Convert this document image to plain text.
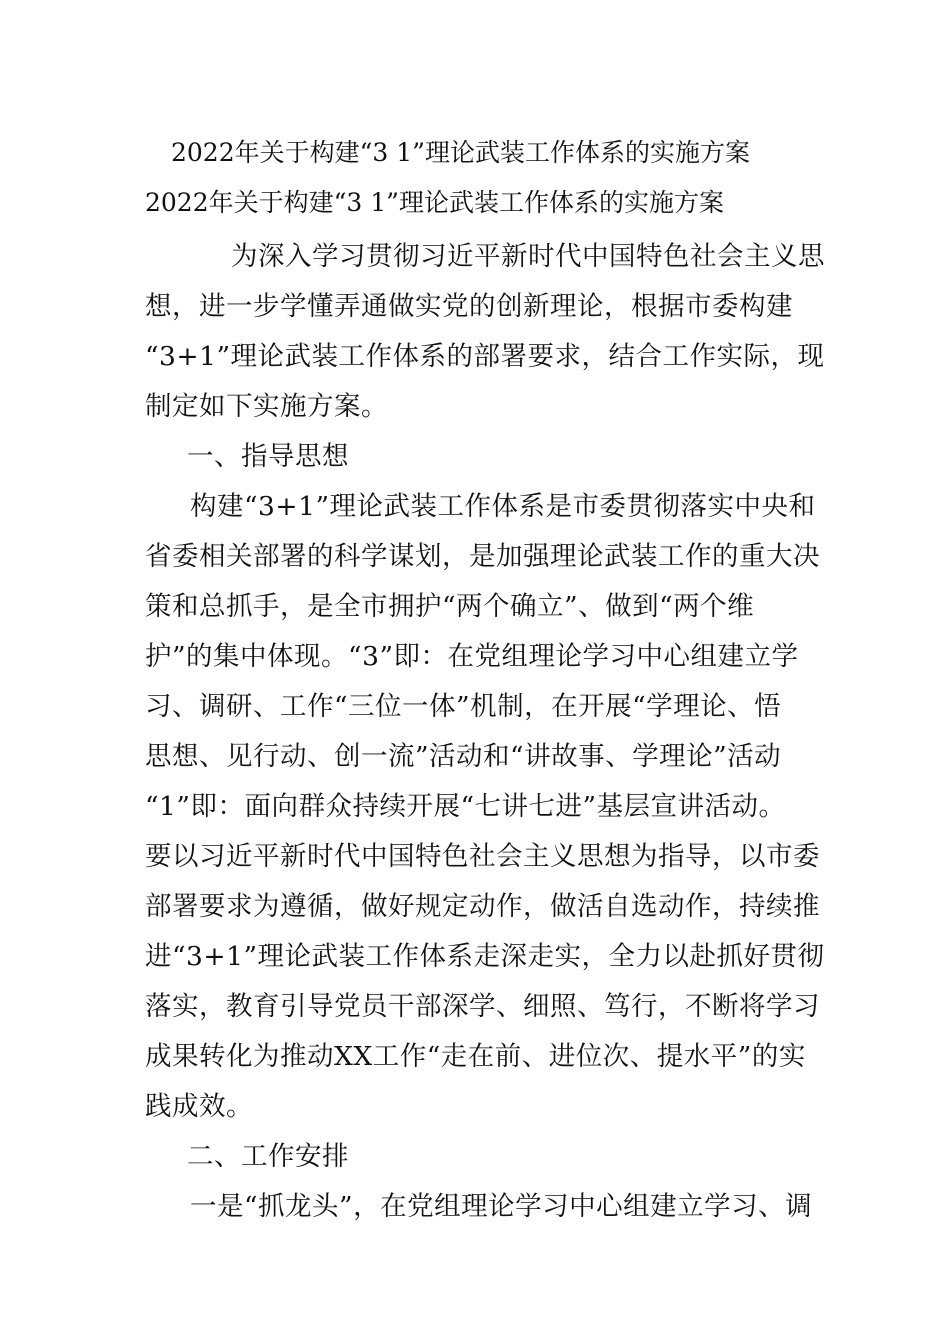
2022年关于构建“3 1”理论武装工作体系的实施方案
2022年关于构建“3 1”理论武装工作体系的实施方案
为深入学习贯彻习近平新时代中国特色社会主义思
想，进一步学懂弄通做实党的创新理论，根据市委构建
“3+1”理论武装工作体系的部署要求，结合工作实际，现
制定如下实施方案。
一、指导思想
构建“3+1”理论武装工作体系是市委贯彻落实中央和
省委相关部署的科学谋划，是加强理论武装工作的重大决
策和总抓手，是全市拥护“两个确立”、做到“两个维
护”的集中体现。“3”即：在党组理论学习中心组建立学
习、调研、工作“三位一体”机制，在开展“学理论、悟
思想、见行动、创一流”活动和“讲故事、学理论”活动
“1”即：面向群众持续开展“七讲七进”基层宣讲活动。
要以习近平新时代中国特色社会主义思想为指导，以市委
部署要求为遵循，做好规定动作，做活自选动作，持续推
进“3+1”理论武装工作体系走深走实，全力以赴抓好贯彻
落实，教育引导党员干部深学、细照、笃行，不断将学习
成果转化为推动XX工作“走在前、进位次、提水平”的实
践成效。
二、工作安排
一是“抓龙头”，在党组理论学习中心组建立学习、调
